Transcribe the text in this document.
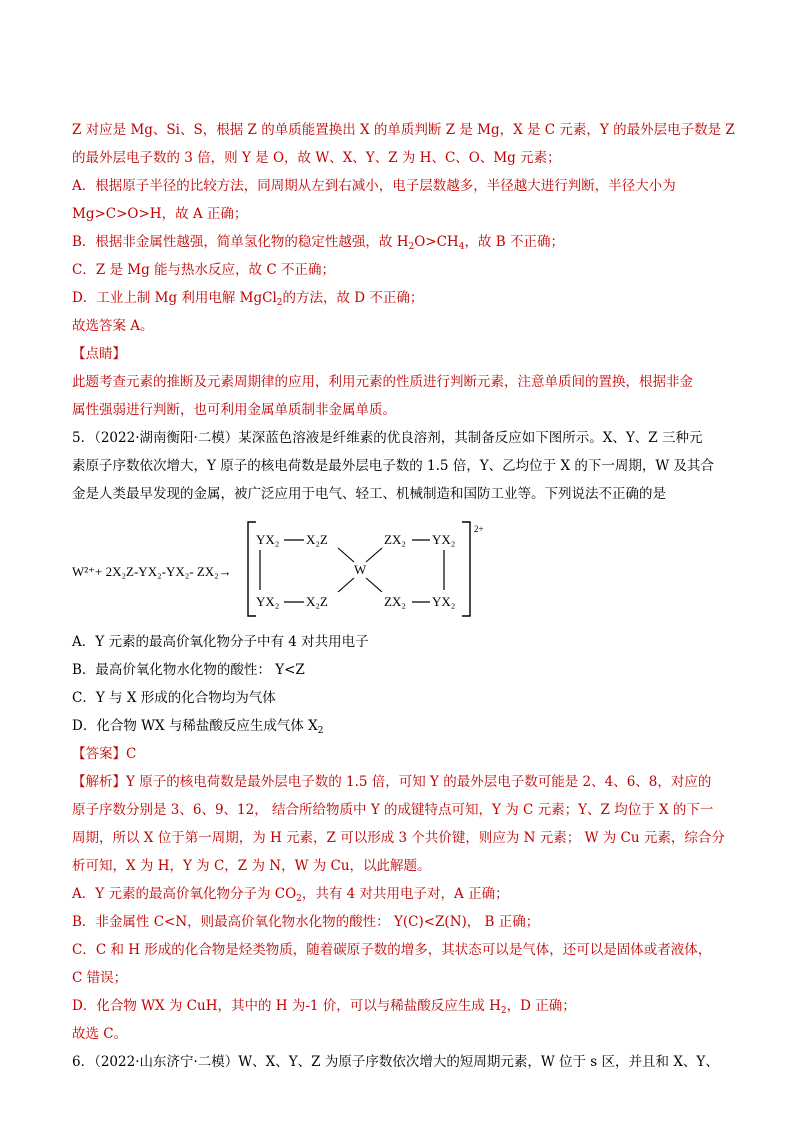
Z 对应是 Mg、Si、S，根据 Z 的单质能置换出 X 的单质判断 Z 是 Mg，X 是 C 元素，Y 的最外层电子数是 Z
的最外层电子数的 3 倍，则 Y 是 O，故 W、X、Y、Z 为 H、C、O、Mg 元素；
A．根据原子半径的比较方法，同周期从左到右减小，电子层数越多，半径越大进行判断，半径大小为
Mg>C>O>H，故 A 正确；
B．根据非金属性越强，简单氢化物的稳定性越强，故 $H_2O>CH_4$，故 B 不正确；
C．Z 是 Mg 能与热水反应，故 C 不正确；
D．工业上制 Mg 利用电解 MgCl$_2$的方法，故 D 不正确；
故选答案 A。
【点睛】
此题考查元素的推断及元素周期律的应用，利用元素的性质进行判断元素，注意单质间的置换，根据非金
属性强弱进行判断，也可利用金属单质制非金属单质。
5．（2022·湖南衡阳·二模）某深蓝色溶液是纤维素的优良溶剂，其制备反应如下图所示。X、Y、Z 三种元
素原子序数依次增大，Y 原子的核电荷数是最外层电子数的 1.5 倍，Y、乙均位于 X 的下一周期，W 及其合
金是人类最早发现的金属，被广泛应用于电气、轻工、机械制造和国防工业等。下列说法不正确的是
W²⁺+ 2X₂Z-YX₂-YX₂- ZX₂→
2+
YX₂ X₂Z	ZX₂ YX₂
W
YX₂ X₂Z	ZX₂ YX₂
A．Y 元素的最高价氧化物分子中有 4 对共用电子
B．最高价氧化物水化物的酸性： Y<Z
C．Y 与 X 形成的化合物均为气体
D．化合物 WX 与稀盐酸反应生成气体 $X_2$
【答案】C
【解析】Y 原子的核电荷数是最外层电子数的 1.5 倍，可知 Y 的最外层电子数可能是 2、4、6、8，对应的
原子序数分别是 3、6、9、12， 结合所给物质中 Y 的成键特点可知，Y 为 C 元素；Y、Z 均位于 X 的下一
周期，所以 X 位于第一周期，为 H 元素，Z 可以形成 3 个共价键，则应为 N 元素； W 为 Cu 元素，综合分
析可知，X 为 H，Y 为 C，Z 为 N，W 为 Cu，以此解题。
A．Y 元素的最高价氧化物分子为 $CO_2$，共有 4 对共用电子对，A 正确；
B．非金属性 C<N，则最高价氧化物水化物的酸性： Y(C)<Z(N)， B 正确；
C．C 和 H 形成的化合物是烃类物质，随着碳原子数的增多，其状态可以是气体，还可以是固体或者液体，
C 错误；
D．化合物 WX 为 CuH，其中的 H 为-1 价，可以与稀盐酸反应生成 $H_2$，D 正确；
故选 C。
6．（2022·山东济宁·二模）W、X、Y、Z 为原子序数依次增大的短周期元素，W 位于 s 区，并且和 X、Y、
